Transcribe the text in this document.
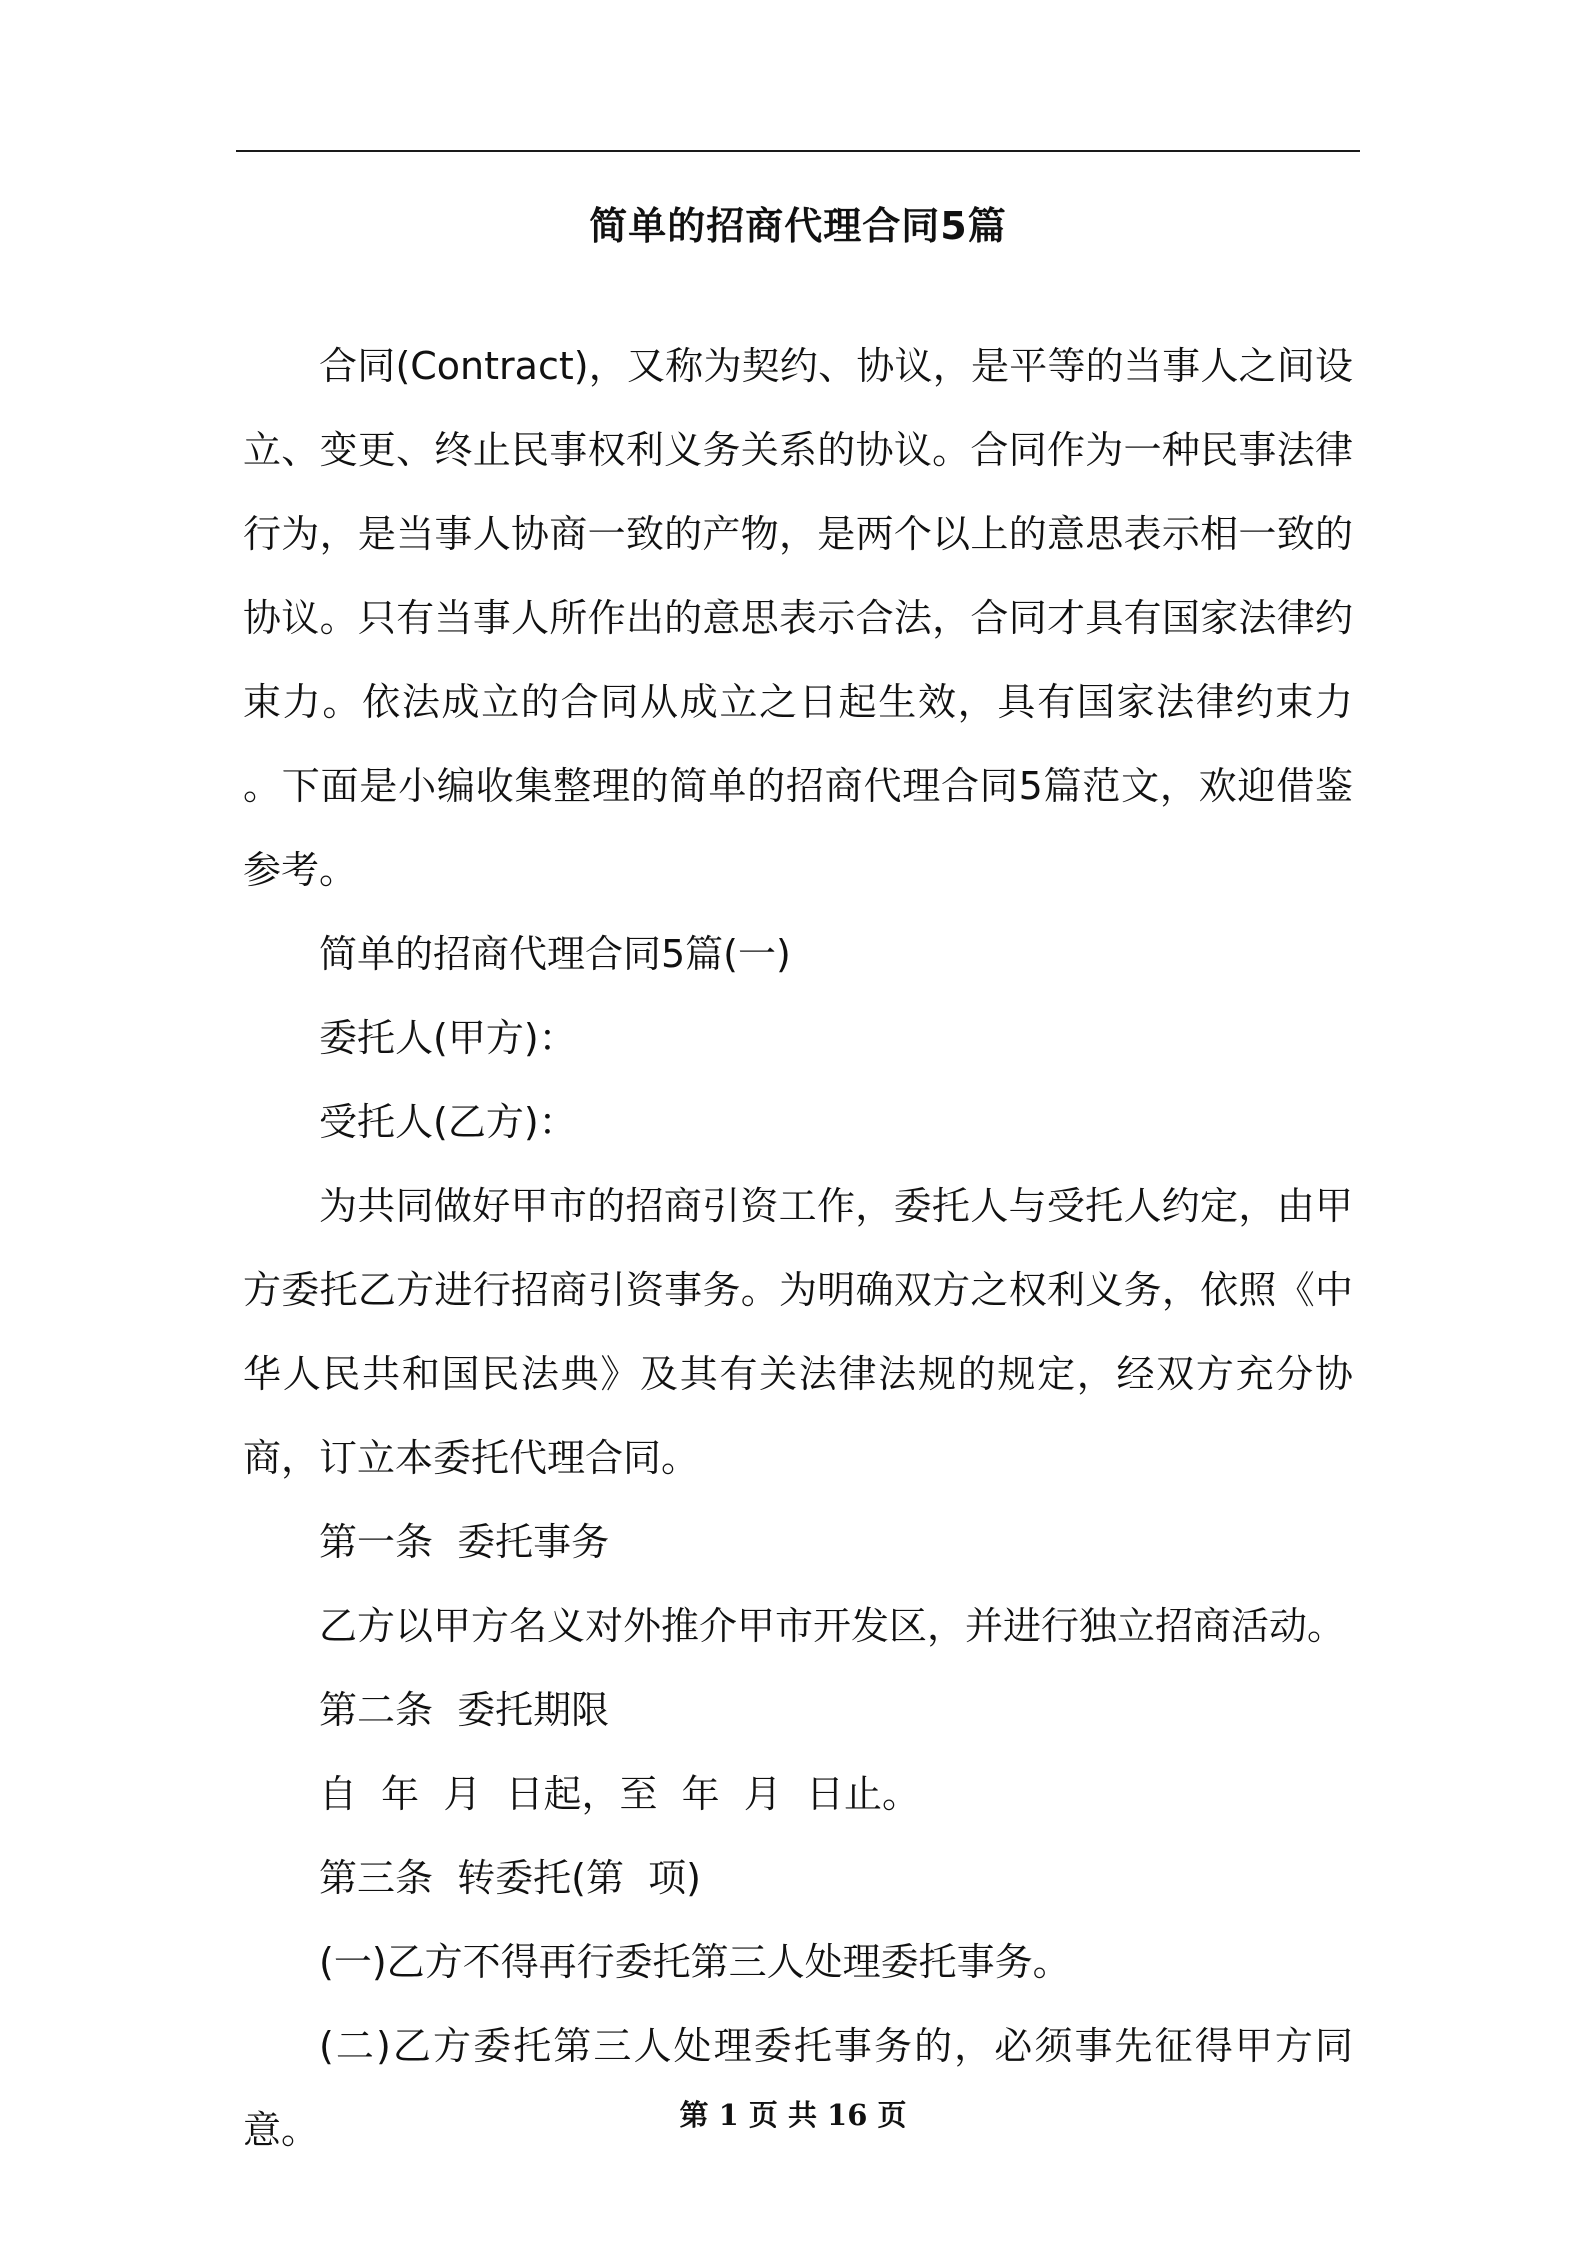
简单的招商代理合同5篇

合同(Contract)，又称为契约、协议，是平等的当事人之间设立、变更、终止民事权利义务关系的协议。合同作为一种民事法律行为，是当事人协商一致的产物，是两个以上的意思表示相一致的协议。只有当事人所作出的意思表示合法，合同才具有国家法律约束力。依法成立的合同从成立之日起生效，具有国家法律约束力 。下面是小编收集整理的简单的招商代理合同5篇范文，欢迎借鉴参考。

简单的招商代理合同5篇(一)

委托人(甲方)：

受托人(乙方)：

为共同做好甲市的招商引资工作，委托人与受托人约定，由甲方委托乙方进行招商引资事务。为明确双方之权利义务，依照《中华人民共和国民法典》及其有关法律法规的规定，经双方充分协商，订立本委托代理合同。

第一条  委托事务

乙方以甲方名义对外推介甲市开发区，并进行独立招商活动。

第二条  委托期限

自  年  月  日起，至  年  月  日止。

第三条  转委托(第  项)

(一)乙方不得再行委托第三人处理委托事务。

(二)乙方委托第三人处理委托事务的，必须事先征得甲方同意。	第 1 页 共 16 页
